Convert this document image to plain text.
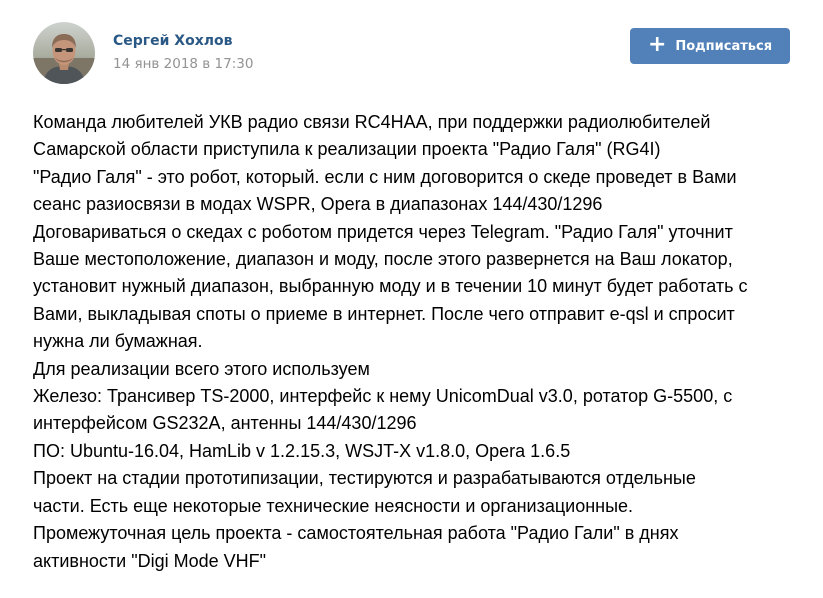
Сергей Хохлов
14 янв 2018 в 17:30
+ Подписаться
Команда любителей УКВ радио связи RC4HAA, при поддержки радиолюбителей
Самарской области приступила к реализации проекта "Радио Галя" (RG4I)
"Радио Галя" - это робот, который. если с ним договорится о скеде проведет в Вами
сеанс разиосвязи в модах WSPR, Opera в диапазонах 144/430/1296
Договариваться о скедах с роботом придется через Telegram. "Радио Галя" уточнит
Ваше местоположение, диапазон и моду, после этого развернется на Ваш локатор,
установит нужный диапазон, выбранную моду и в течении 10 минут будет работать с
Вами, выкладывая споты о приеме в интернет. После чего отправит e-qsl и спросит
нужна ли бумажная.
Для реализации всего этого используем
Железо: Трансивер TS-2000, интерфейс к нему UnicomDual v3.0, ротатор G-5500, с
интерфейсом GS232A, антенны 144/430/1296
ПО: Ubuntu-16.04, HamLib v 1.2.15.3, WSJT-X v1.8.0, Opera 1.6.5
Проект на стадии прототипизации, тестируются и разрабатываются отдельные
части. Есть еще некоторые технические неясности и организационные.
Промежуточная цель проекта - самостоятельная работа "Радио Гали" в днях
активности "Digi Mode VHF"
